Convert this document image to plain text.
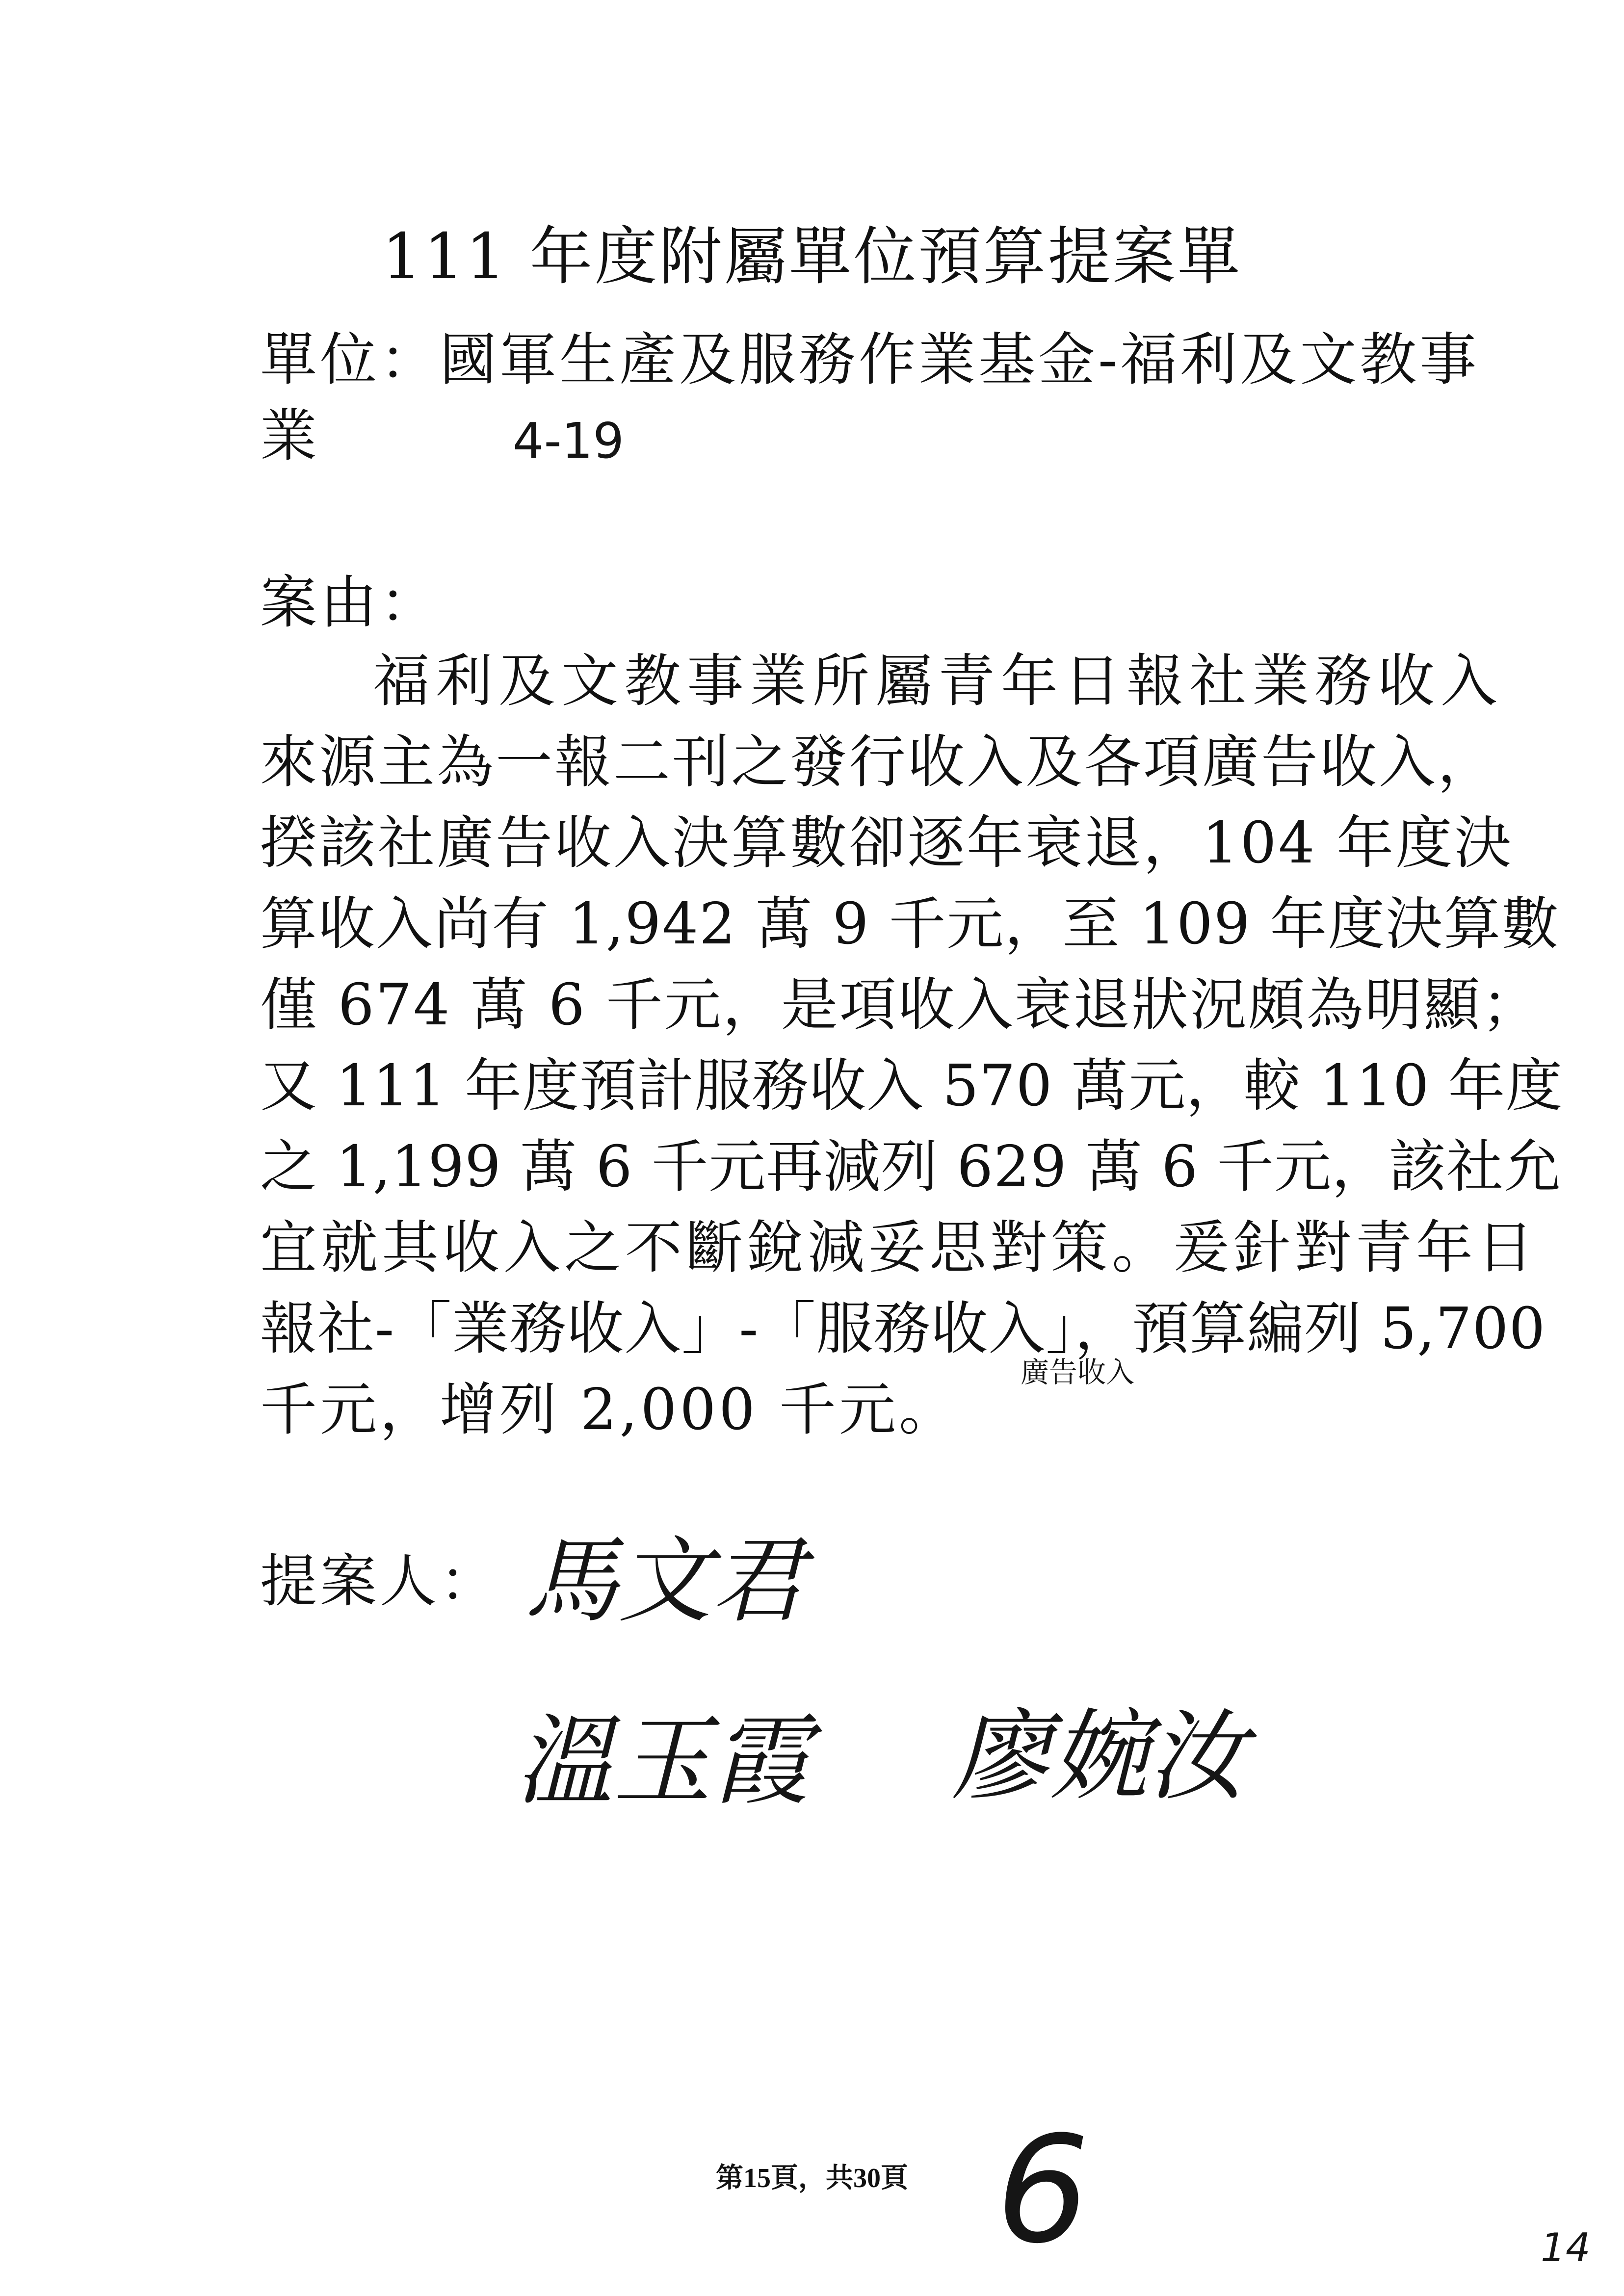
111 年度附屬單位預算提案單
單位：國軍生產及服務作業基金-福利及文教事
業	4-19
案由：
福利及文教事業所屬青年日報社業務收入
來源主為一報二刊之發行收入及各項廣告收入，
揆該社廣告收入決算數卻逐年衰退，104 年度決
算收入尚有 1,942 萬 9 千元，至 109 年度決算數
僅 674 萬 6 千元，是項收入衰退狀況頗為明顯；
又 111 年度預計服務收入 570 萬元，較 110 年度
之 1,199 萬 6 千元再減列 629 萬 6 千元，該社允
宜就其收入之不斷銳減妥思對策。爰針對青年日
報社-「業務收入」-「服務收入」，預算編列 5,700
千元，增列 2,000 千元。
廣告收入
提案人： 馬文君
溫玉霞 廖婉汝
第15頁，共30頁 6	14
